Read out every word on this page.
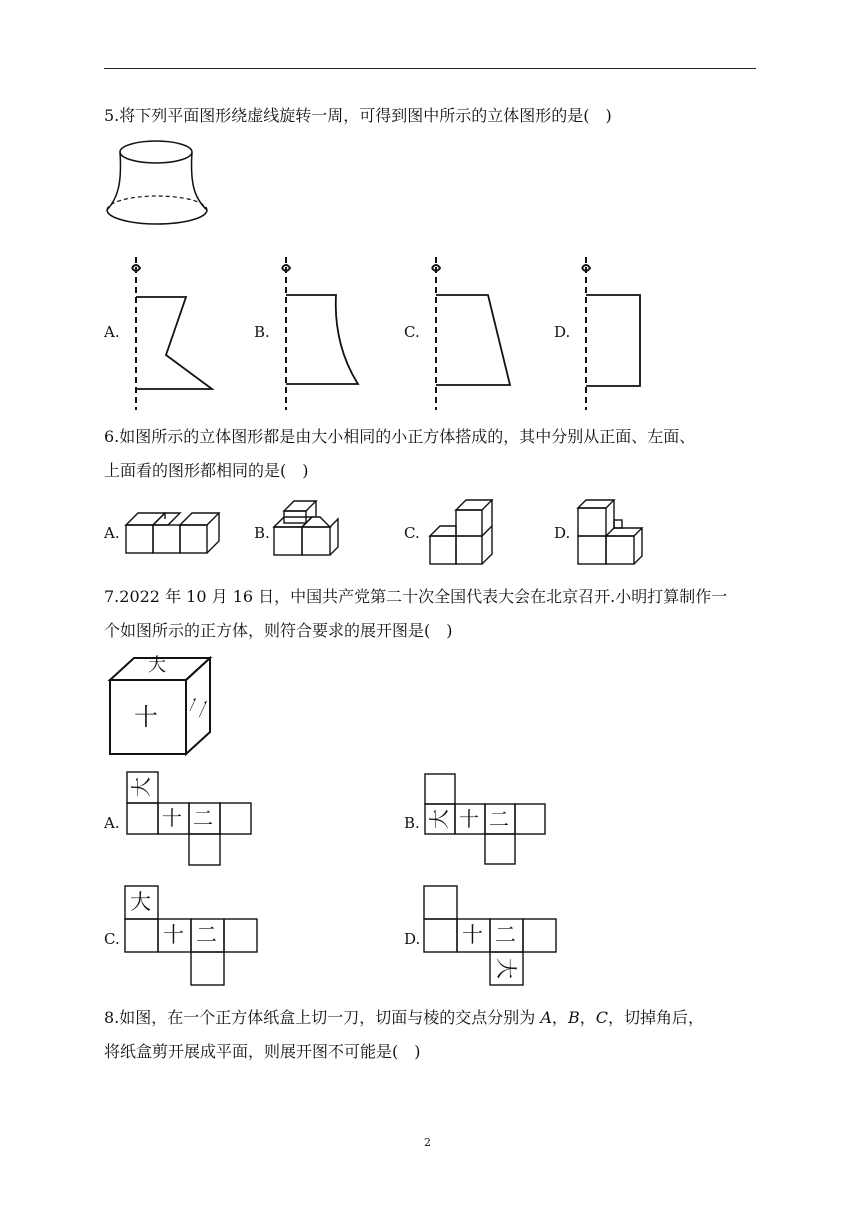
5.将下列平面图形绕虚线旋转一周，可得到图中所示的立体图形的是(　)
A.	B.	C.	D.
6.如图所示的立体图形都是由大小相同的小正方体搭成的，其中分别从正面、左面、
上面看的图形都相同的是(　)
A.	B.	C.	D.
7.2022 年 10 月 16 日，中国共产党第二十次全国代表大会在北京召开.小明打算制作一
个如图所示的正方体，则符合要求的展开图是(　)
大
十 二
A.
大
十 二	B. 大 十 二
C.
大
十 二	D. 十 二
大
8.如图，在一个正方体纸盒上切一刀，切面与棱的交点分别为 A，B，C，切掉角后，
将纸盒剪开展成平面，则展开图不可能是(　)
2
